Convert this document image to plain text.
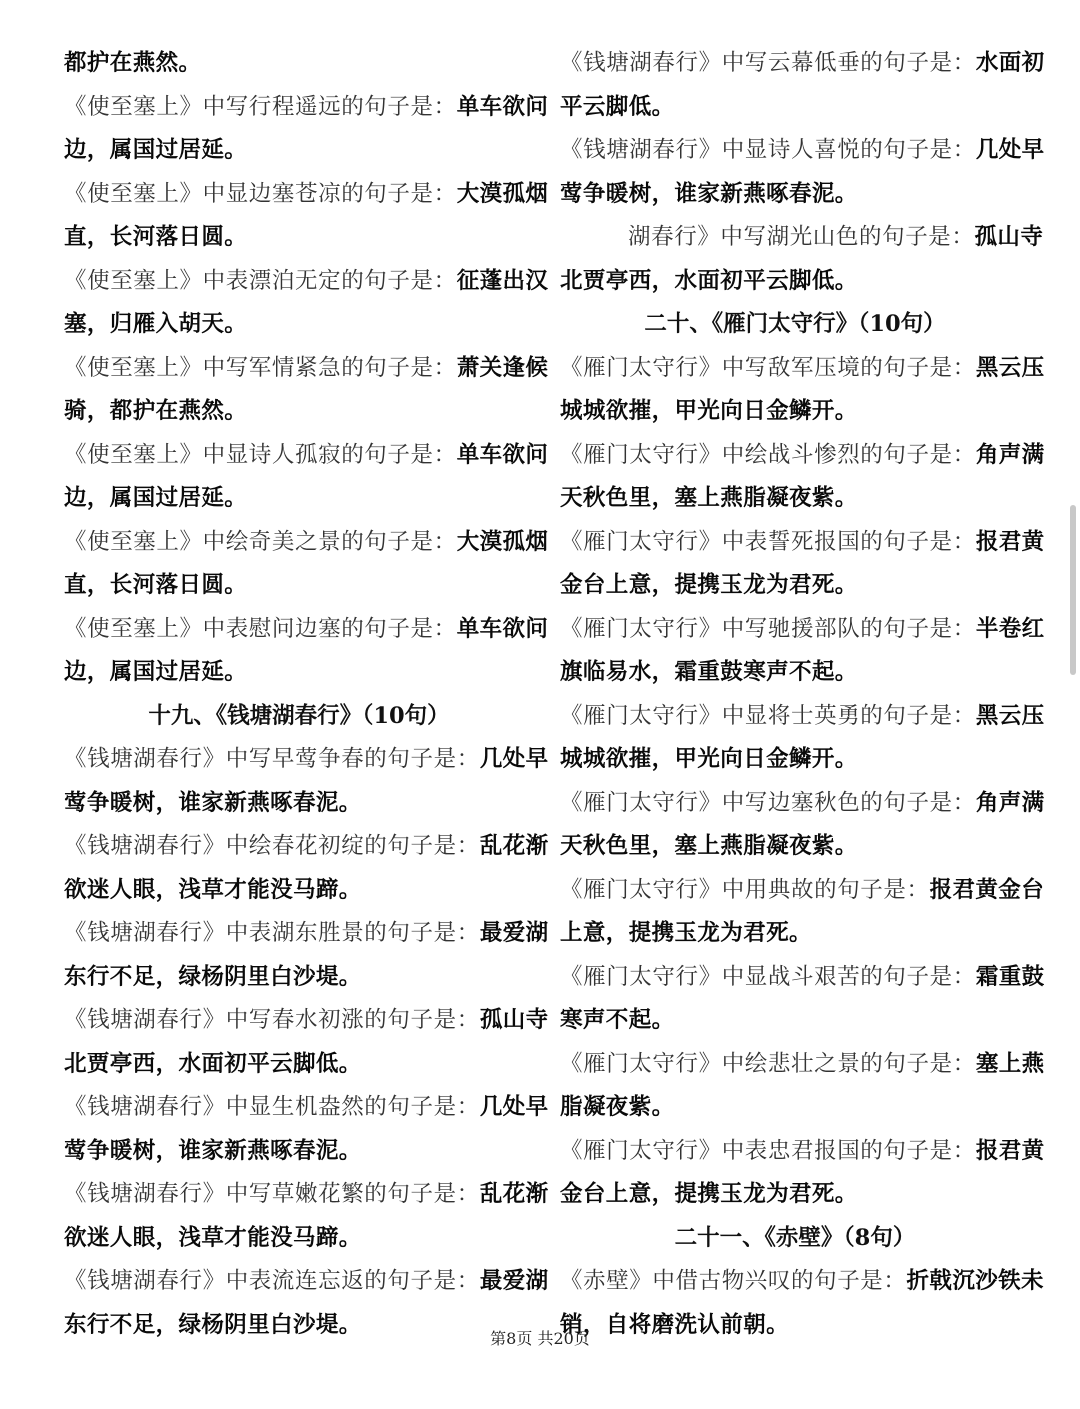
都护在燕然。
《使至塞上》中写行程遥远的句子是：单车欲问
边，属国过居延。
《使至塞上》中显边塞苍凉的句子是：大漠孤烟
直，长河落日圆。
《使至塞上》中表漂泊无定的句子是：征蓬出汉
塞，归雁入胡天。
《使至塞上》中写军情紧急的句子是：萧关逢候
骑，都护在燕然。
《使至塞上》中显诗人孤寂的句子是：单车欲问
边，属国过居延。
《使至塞上》中绘奇美之景的句子是：大漠孤烟
直，长河落日圆。
《使至塞上》中表慰问边塞的句子是：单车欲问
边，属国过居延。
十九、《钱塘湖春行》（10句）
《钱塘湖春行》中写早莺争春的句子是：几处早
莺争暖树，谁家新燕啄春泥。
《钱塘湖春行》中绘春花初绽的句子是：乱花渐
欲迷人眼，浅草才能没马蹄。
《钱塘湖春行》中表湖东胜景的句子是：最爱湖
东行不足，绿杨阴里白沙堤。
《钱塘湖春行》中写春水初涨的句子是：孤山寺
北贾亭西，水面初平云脚低。
《钱塘湖春行》中显生机盎然的句子是：几处早
莺争暖树，谁家新燕啄春泥。
《钱塘湖春行》中写草嫩花繁的句子是：乱花渐
欲迷人眼，浅草才能没马蹄。
《钱塘湖春行》中表流连忘返的句子是：最爱湖
东行不足，绿杨阴里白沙堤。
《钱塘湖春行》中写云幕低垂的句子是：水面初
平云脚低。
《钱塘湖春行》中显诗人喜悦的句子是：几处早
莺争暖树，谁家新燕啄春泥。
湖春行》中写湖光山色的句子是：孤山寺
北贾亭西，水面初平云脚低。
二十、《雁门太守行》（10句）
《雁门太守行》中写敌军压境的句子是：黑云压
城城欲摧，甲光向日金鳞开。
《雁门太守行》中绘战斗惨烈的句子是：角声满
天秋色里，塞上燕脂凝夜紫。
《雁门太守行》中表誓死报国的句子是：报君黄
金台上意，提携玉龙为君死。
《雁门太守行》中写驰援部队的句子是：半卷红
旗临易水，霜重鼓寒声不起。
《雁门太守行》中显将士英勇的句子是：黑云压
城城欲摧，甲光向日金鳞开。
《雁门太守行》中写边塞秋色的句子是：角声满
天秋色里，塞上燕脂凝夜紫。
《雁门太守行》中用典故的句子是：报君黄金台
上意，提携玉龙为君死。
《雁门太守行》中显战斗艰苦的句子是：霜重鼓
寒声不起。
《雁门太守行》中绘悲壮之景的句子是：塞上燕
脂凝夜紫。
《雁门太守行》中表忠君报国的句子是：报君黄
金台上意，提携玉龙为君死。
二十一、《赤壁》（8句）
《赤壁》中借古物兴叹的句子是：折戟沉沙铁未
销，自将磨洗认前朝。
第8页 共20页
